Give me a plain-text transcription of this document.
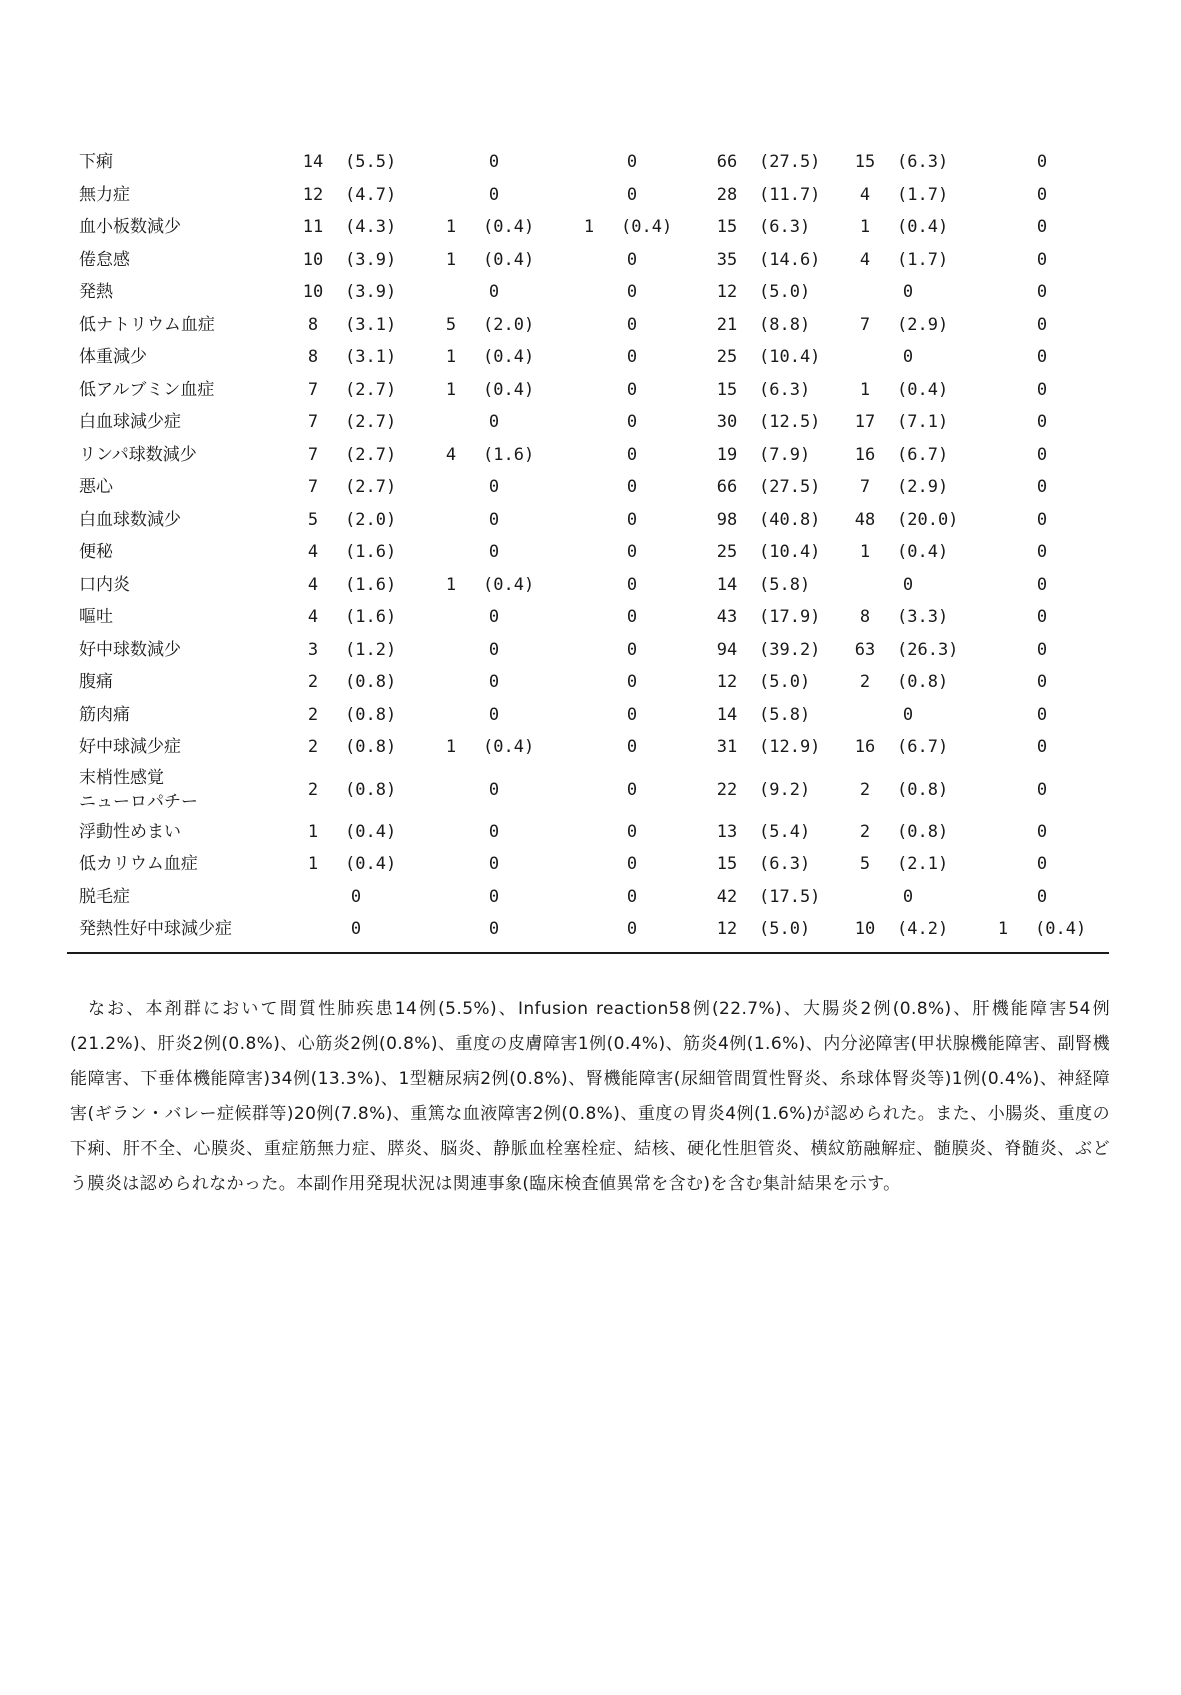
下痢	14	(5.5)	0		0		66	(27.5)	15	(6.3)	0	
無力症	12	(4.7)	0		0		28	(11.7)	4	(1.7)	0	
血小板数減少	11	(4.3)	1	(0.4)	1	(0.4)	15	(6.3)	1	(0.4)	0	
倦怠感	10	(3.9)	1	(0.4)	0		35	(14.6)	4	(1.7)	0	
発熱	10	(3.9)	0		0		12	(5.0)	0		0	
低ナトリウム血症	8	(3.1)	5	(2.0)	0		21	(8.8)	7	(2.9)	0	
体重減少	8	(3.1)	1	(0.4)	0		25	(10.4)	0		0	
低アルブミン血症	7	(2.7)	1	(0.4)	0		15	(6.3)	1	(0.4)	0	
白血球減少症	7	(2.7)	0		0		30	(12.5)	17	(7.1)	0	
リンパ球数減少	7	(2.7)	4	(1.6)	0		19	(7.9)	16	(6.7)	0	
悪心	7	(2.7)	0		0		66	(27.5)	7	(2.9)	0	
白血球数減少	5	(2.0)	0		0		98	(40.8)	48	(20.0)	0	
便秘	4	(1.6)	0		0		25	(10.4)	1	(0.4)	0	
口内炎	4	(1.6)	1	(0.4)	0		14	(5.8)	0		0	
嘔吐	4	(1.6)	0		0		43	(17.9)	8	(3.3)	0	
好中球数減少	3	(1.2)	0		0		94	(39.2)	63	(26.3)	0	
腹痛	2	(0.8)	0		0		12	(5.0)	2	(0.8)	0	
筋肉痛	2	(0.8)	0		0		14	(5.8)	0		0	
好中球減少症	2	(0.8)	1	(0.4)	0		31	(12.9)	16	(6.7)	0	
末梢性感覚
ニューロパチー	2	(0.8)	0		0		22	(9.2)	2	(0.8)	0	
浮動性めまい	1	(0.4)	0		0		13	(5.4)	2	(0.8)	0	
低カリウム血症	1	(0.4)	0		0		15	(6.3)	5	(2.1)	0	
脱毛症	0		0		0		42	(17.5)	0		0	
発熱性好中球減少症	0		0		0		12	(5.0)	10	(4.2)	1	(0.4)

なお、本剤群において間質性肺疾患14例(5.5%)、Infusion reaction58例(22.7%)、大腸炎2例(0.8%)、肝機能障害54例(21.2%)、肝炎2例(0.8%)、心筋炎2例(0.8%)、重度の皮膚障害1例(0.4%)、筋炎4例(1.6%)、内分泌障害(甲状腺機能障害、副腎機能障害、下垂体機能障害)34例(13.3%)、1型糖尿病2例(0.8%)、腎機能障害(尿細管間質性腎炎、糸球体腎炎等)1例(0.4%)、神経障害(ギラン・バレー症候群等)20例(7.8%)、重篤な血液障害2例(0.8%)、重度の胃炎4例(1.6%)が認められた。また、小腸炎、重度の下痢、肝不全、心膜炎、重症筋無力症、膵炎、脳炎、静脈血栓塞栓症、結核、硬化性胆管炎、横紋筋融解症、髄膜炎、脊髄炎、ぶどう膜炎は認められなかった。本副作用発現状況は関連事象(臨床検査値異常を含む)を含む集計結果を示す。
